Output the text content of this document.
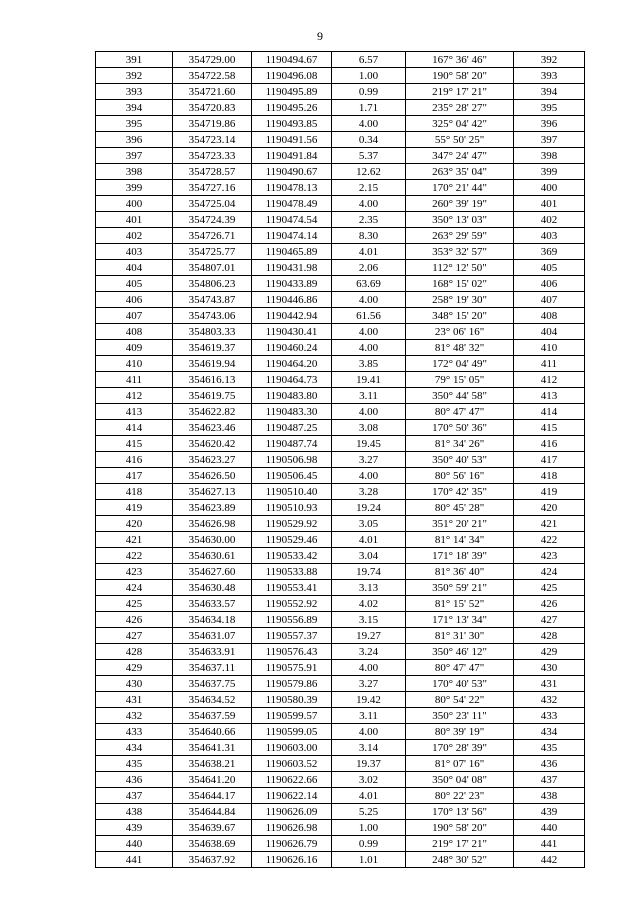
9
391	354729.00	1190494.67	6.57	167° 36' 46"	392
392	354722.58	1190496.08	1.00	190° 58' 20"	393
393	354721.60	1190495.89	0.99	219° 17' 21"	394
394	354720.83	1190495.26	1.71	235° 28' 27"	395
395	354719.86	1190493.85	4.00	325° 04' 42"	396
396	354723.14	1190491.56	0.34	55° 50' 25"	397
397	354723.33	1190491.84	5.37	347° 24' 47"	398
398	354728.57	1190490.67	12.62	263° 35' 04"	399
399	354727.16	1190478.13	2.15	170° 21' 44"	400
400	354725.04	1190478.49	4.00	260° 39' 19"	401
401	354724.39	1190474.54	2.35	350° 13' 03"	402
402	354726.71	1190474.14	8.30	263° 29' 59"	403
403	354725.77	1190465.89	4.01	353° 32' 57"	369
404	354807.01	1190431.98	2.06	112° 12' 50"	405
405	354806.23	1190433.89	63.69	168° 15' 02"	406
406	354743.87	1190446.86	4.00	258° 19' 30"	407
407	354743.06	1190442.94	61.56	348° 15' 20"	408
408	354803.33	1190430.41	4.00	23° 06' 16"	404
409	354619.37	1190460.24	4.00	81° 48' 32"	410
410	354619.94	1190464.20	3.85	172° 04' 49"	411
411	354616.13	1190464.73	19.41	79° 15' 05"	412
412	354619.75	1190483.80	3.11	350° 44' 58"	413
413	354622.82	1190483.30	4.00	80° 47' 47"	414
414	354623.46	1190487.25	3.08	170° 50' 36"	415
415	354620.42	1190487.74	19.45	81° 34' 26"	416
416	354623.27	1190506.98	3.27	350° 40' 53"	417
417	354626.50	1190506.45	4.00	80° 56' 16"	418
418	354627.13	1190510.40	3.28	170° 42' 35"	419
419	354623.89	1190510.93	19.24	80° 45' 28"	420
420	354626.98	1190529.92	3.05	351° 20' 21"	421
421	354630.00	1190529.46	4.01	81° 14' 34"	422
422	354630.61	1190533.42	3.04	171° 18' 39"	423
423	354627.60	1190533.88	19.74	81° 36' 40"	424
424	354630.48	1190553.41	3.13	350° 59' 21"	425
425	354633.57	1190552.92	4.02	81° 15' 52"	426
426	354634.18	1190556.89	3.15	171° 13' 34"	427
427	354631.07	1190557.37	19.27	81° 31' 30"	428
428	354633.91	1190576.43	3.24	350° 46' 12"	429
429	354637.11	1190575.91	4.00	80° 47' 47"	430
430	354637.75	1190579.86	3.27	170° 40' 53"	431
431	354634.52	1190580.39	19.42	80° 54' 22"	432
432	354637.59	1190599.57	3.11	350° 23' 11"	433
433	354640.66	1190599.05	4.00	80° 39' 19"	434
434	354641.31	1190603.00	3.14	170° 28' 39"	435
435	354638.21	1190603.52	19.37	81° 07' 16"	436
436	354641.20	1190622.66	3.02	350° 04' 08"	437
437	354644.17	1190622.14	4.01	80° 22' 23"	438
438	354644.84	1190626.09	5.25	170° 13' 56"	439
439	354639.67	1190626.98	1.00	190° 58' 20"	440
440	354638.69	1190626.79	0.99	219° 17' 21"	441
441	354637.92	1190626.16	1.01	248° 30' 52"	442
